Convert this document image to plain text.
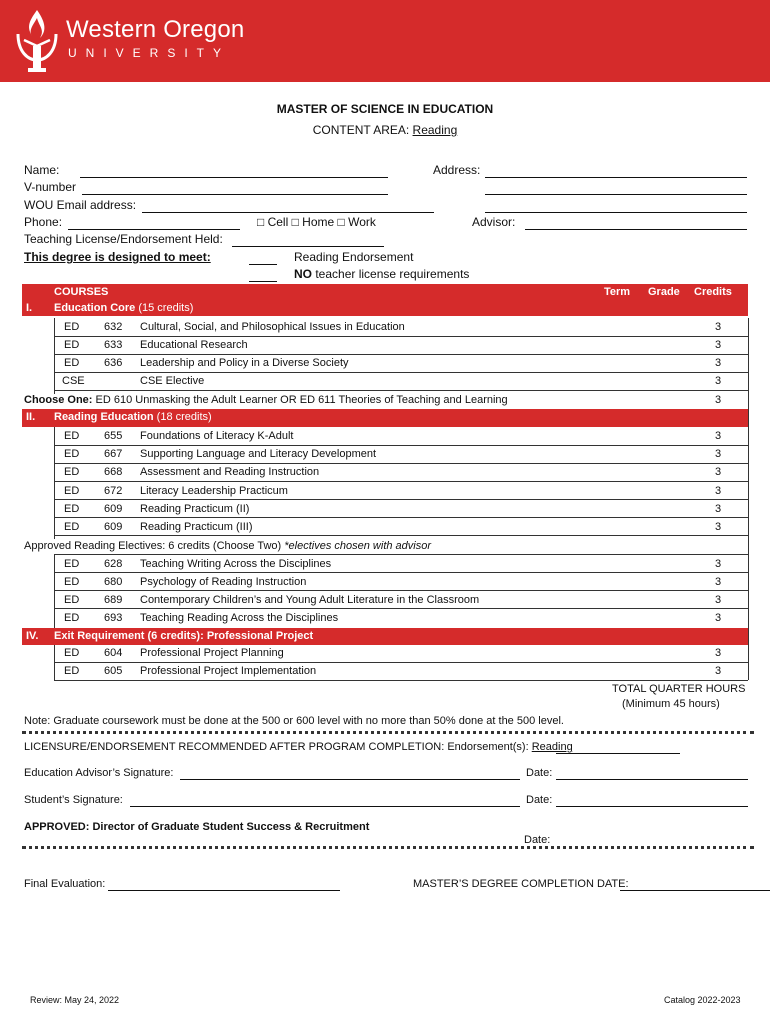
Western Oregon
UNIVERSITY
MASTER OF SCIENCE IN EDUCATION
CONTENT AREA: Reading
Name:	Address:
V-number
WOU Email address:
Phone:	□ Cell □ Home □ Work	Advisor:
Teaching License/Endorsement Held:
This degree is designed to meet:	Reading Endorsement
NO teacher license requirements
COURSES	Term Grade Credits
I. Education Core (15 credits)
ED 632 Cultural, Social, and Philosophical Issues in Education	3
ED 633 Educational Research	3
ED 636 Leadership and Policy in a Diverse Society	3
CSE	CSE Elective	3
Choose One: ED 610 Unmasking the Adult Learner OR ED 611 Theories of Teaching and Learning	3
II. Reading Education (18 credits)
ED 655 Foundations of Literacy K-Adult	3
ED 667 Supporting Language and Literacy Development	3
ED 668 Assessment and Reading Instruction	3
ED 672 Literacy Leadership Practicum	3
ED 609 Reading Practicum (II)	3
ED 609 Reading Practicum (III)	3
Approved Reading Electives: 6 credits (Choose Two) *electives chosen with advisor
ED 628 Teaching Writing Across the Disciplines	3
ED 680 Psychology of Reading Instruction	3
ED 689 Contemporary Children’s and Young Adult Literature in the Classroom	3
ED 693 Teaching Reading Across the Disciplines	3
IV. Exit Requirement (6 credits): Professional Project
ED 604 Professional Project Planning	3
ED 605 Professional Project Implementation	3
TOTAL QUARTER HOURS
(Minimum 45 hours)
Note: Graduate coursework must be done at the 500 or 600 level with no more than 50% done at the 500 level.
LICENSURE/ENDORSEMENT RECOMMENDED AFTER PROGRAM COMPLETION: Endorsement(s): Reading
Education Advisor’s Signature:	Date:
Student’s Signature:	Date:
APPROVED: Director of Graduate Student Success & Recruitment
Date:
Final Evaluation:	MASTER’S DEGREE COMPLETION DATE:
Review: May 24, 2022	Catalog 2022-2023
